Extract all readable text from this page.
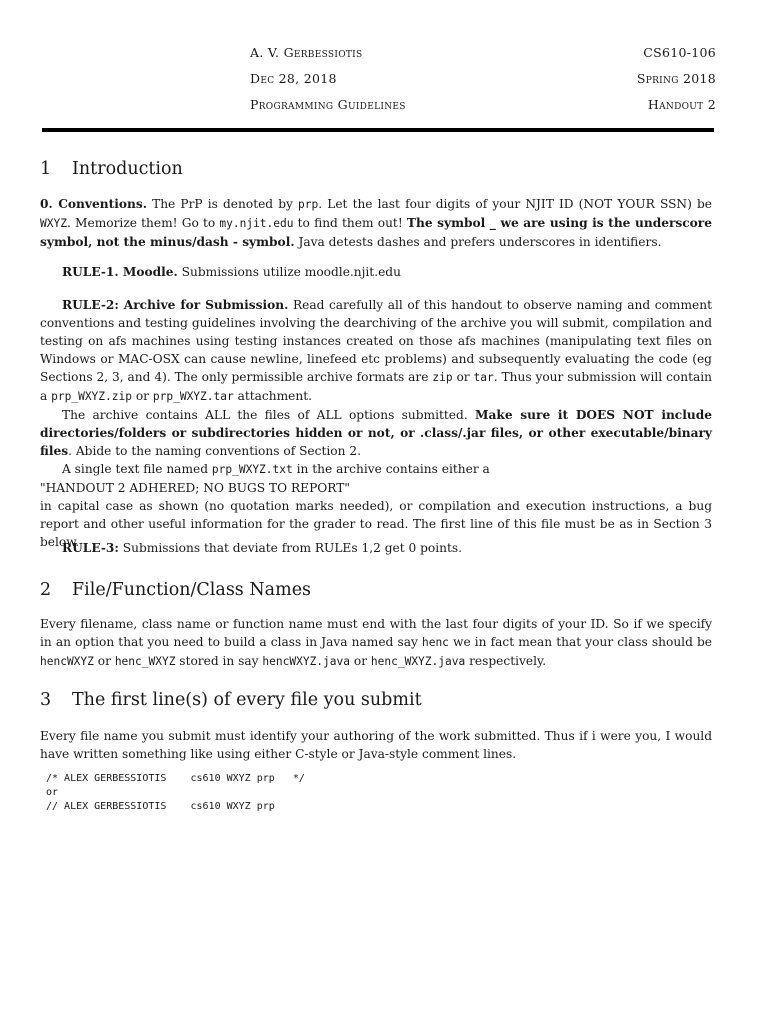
A. V. Gerbessiotis	CS610-106
Dec 28, 2018	Spring 2018
Programming Guidelines	Handout 2
1 Introduction

0. Conventions. The PrP is denoted by prp. Let the last four digits of your NJIT ID (NOT YOUR SSN) be WXYZ. Memorize them! Go to my.njit.edu to find them out! The symbol _ we are using is the underscore symbol, not the minus/dash - symbol. Java detests dashes and prefers underscores in identifiers.

RULE-1. Moodle. Submissions utilize moodle.njit.edu

RULE-2: Archive for Submission. Read carefully all of this handout to observe naming and comment conventions and testing guidelines involving the dearchiving of the archive you will submit, compilation and testing on afs machines using testing instances created on those afs machines (manipulating text files on Windows or MAC-OSX can cause newline, linefeed etc problems) and subsequently evaluating the code (eg Sections 2, 3, and 4). The only permissible archive formats are zip or tar. Thus your submission will contain a prp_WXYZ.zip or prp_WXYZ.tar attachment.
The archive contains ALL the files of ALL options submitted. Make sure it DOES NOT include directories/folders or subdirectories hidden or not, or .class/.jar files, or other executable/binary files. Abide to the naming conventions of Section 2.
A single text file named prp_WXYZ.txt in the archive contains either a
"HANDOUT 2 ADHERED; NO BUGS TO REPORT"
in capital case as shown (no quotation marks needed), or compilation and execution instructions, a bug report and other useful information for the grader to read. The first line of this file must be as in Section 3 below.

RULE-3: Submissions that deviate from RULEs 1,2 get 0 points.

2 File/Function/Class Names

Every filename, class name or function name must end with the last four digits of your ID. So if we specify in an option that you need to build a class in Java named say henc we in fact mean that your class should be hencWXYZ or henc_WXYZ stored in say hencWXYZ.java or henc_WXYZ.java respectively.

3 The first line(s) of every file you submit

Every file name you submit must identify your authoring of the work submitted. Thus if i were you, I would have written something like using either C-style or Java-style comment lines.

/* ALEX GERBESSIOTIS    cs610 WXYZ prp   */
or
// ALEX GERBESSIOTIS    cs610 WXYZ prp
